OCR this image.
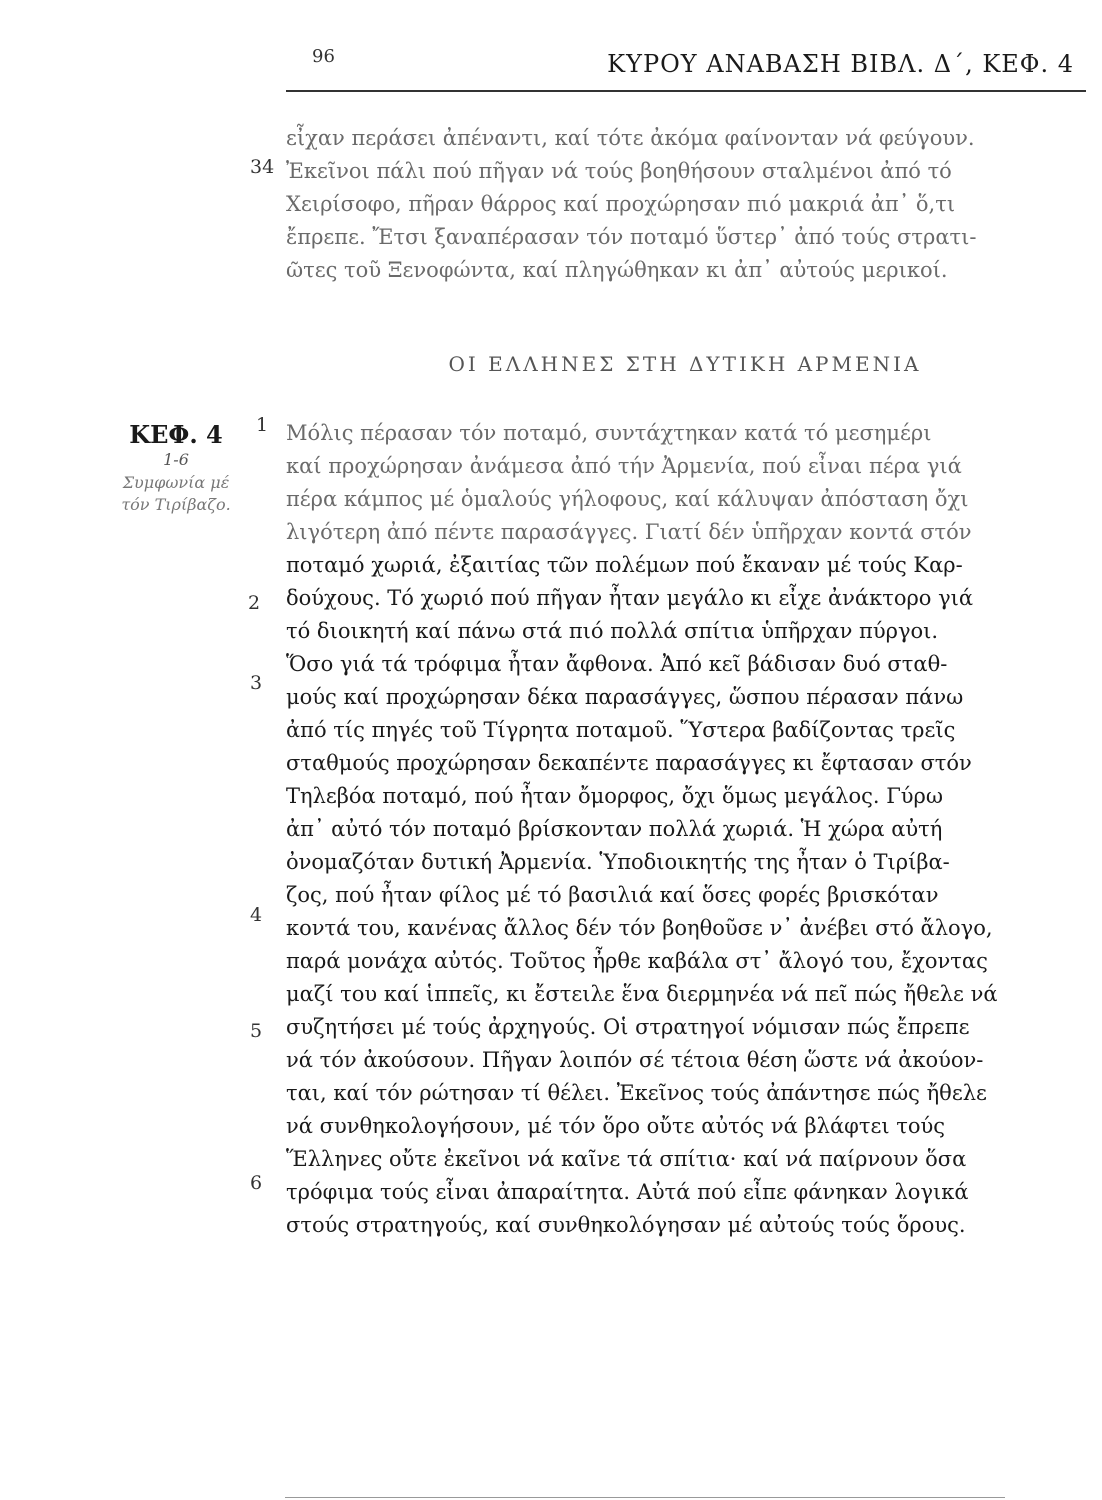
96	ΚΥΡΟΥ ΑΝΑΒΑΣΗ ΒΙΒΛ. Δ΄, ΚΕΦ. 4
34
εἶχαν περάσει ἀπέναντι, καί τότε ἀκόμα φαίνονταν νά φεύγουν.
Ἐκεῖνοι πάλι πού πῆγαν νά τούς βοηθήσουν σταλμένοι ἀπό τό
Χειρίσοφο, πῆραν θάρρος καί προχώρησαν πιό μακριά ἀπ᾽ ὅ,τι
ἔπρεπε. Ἔτσι ξαναπέρασαν τόν ποταμό ὕστερ᾽ ἀπό τούς στρατι-
ῶτες τοῦ Ξενοφώντα, καί πληγώθηκαν κι ἀπ᾽ αὐτούς μερικοί.
ΟΙ ΕΛΛΗΝΕΣ ΣΤΗ ΔΥΤΙΚΗ ΑΡΜΕΝΙΑ
ΚΕΦ. 4
1-6
Συμφωνία μέ
τόν Τιρίβαζο.
1
2
3
4
5
6
Μόλις πέρασαν τόν ποταμό, συντάχτηκαν κατά τό μεσημέρι
καί προχώρησαν ἀνάμεσα ἀπό τήν Ἀρμενία, πού εἶναι πέρα γιά
πέρα κάμπος μέ ὁμαλούς γήλοφους, καί κάλυψαν ἀπόσταση ὄχι
λιγότερη ἀπό πέντε παρασάγγες. Γιατί δέν ὑπῆρχαν κοντά στόν
ποταμό χωριά, ἐξαιτίας τῶν πολέμων πού ἔκαναν μέ τούς Καρ-
δούχους. Τό χωριό πού πῆγαν ἦταν μεγάλο κι εἶχε ἀνάκτορο γιά
τό διοικητή καί πάνω στά πιό πολλά σπίτια ὑπῆρχαν πύργοι.
Ὅσο γιά τά τρόφιμα ἦταν ἄφθονα. Ἀπό κεῖ βάδισαν δυό σταθ-
μούς καί προχώρησαν δέκα παρασάγγες, ὥσπου πέρασαν πάνω
ἀπό τίς πηγές τοῦ Τίγρητα ποταμοῦ. Ὕστερα βαδίζοντας τρεῖς
σταθμούς προχώρησαν δεκαπέντε παρασάγγες κι ἔφτασαν στόν
Τηλεβόα ποταμό, πού ἦταν ὄμορφος, ὄχι ὅμως μεγάλος. Γύρω
ἀπ᾽ αὐτό τόν ποταμό βρίσκονταν πολλά χωριά. Ἡ χώρα αὐτή
ὀνομαζόταν δυτική Ἀρμενία. Ὑποδιοικητής της ἦταν ὁ Τιρίβα-
ζος, πού ἦταν φίλος μέ τό βασιλιά καί ὅσες φορές βρισκόταν
κοντά του, κανένας ἄλλος δέν τόν βοηθοῦσε ν᾽ ἀνέβει στό ἄλογο,
παρά μονάχα αὐτός. Τοῦτος ἦρθε καβάλα στ᾽ ἄλογό του, ἔχοντας
μαζί του καί ἱππεῖς, κι ἔστειλε ἕνα διερμηνέα νά πεῖ πώς ἤθελε νά
συζητήσει μέ τούς ἀρχηγούς. Οἱ στρατηγοί νόμισαν πώς ἔπρεπε
νά τόν ἀκούσουν. Πῆγαν λοιπόν σέ τέτοια θέση ὥστε νά ἀκούον-
ται, καί τόν ρώτησαν τί θέλει. Ἐκεῖνος τούς ἀπάντησε πώς ἤθελε
νά συνθηκολογήσουν, μέ τόν ὅρο οὔτε αὐτός νά βλάφτει τούς
Ἕλληνες οὔτε ἐκεῖνοι νά καῖνε τά σπίτια· καί νά παίρνουν ὅσα
τρόφιμα τούς εἶναι ἀπαραίτητα. Αὐτά πού εἶπε φάνηκαν λογικά
στούς στρατηγούς, καί συνθηκολόγησαν μέ αὐτούς τούς ὅρους.
